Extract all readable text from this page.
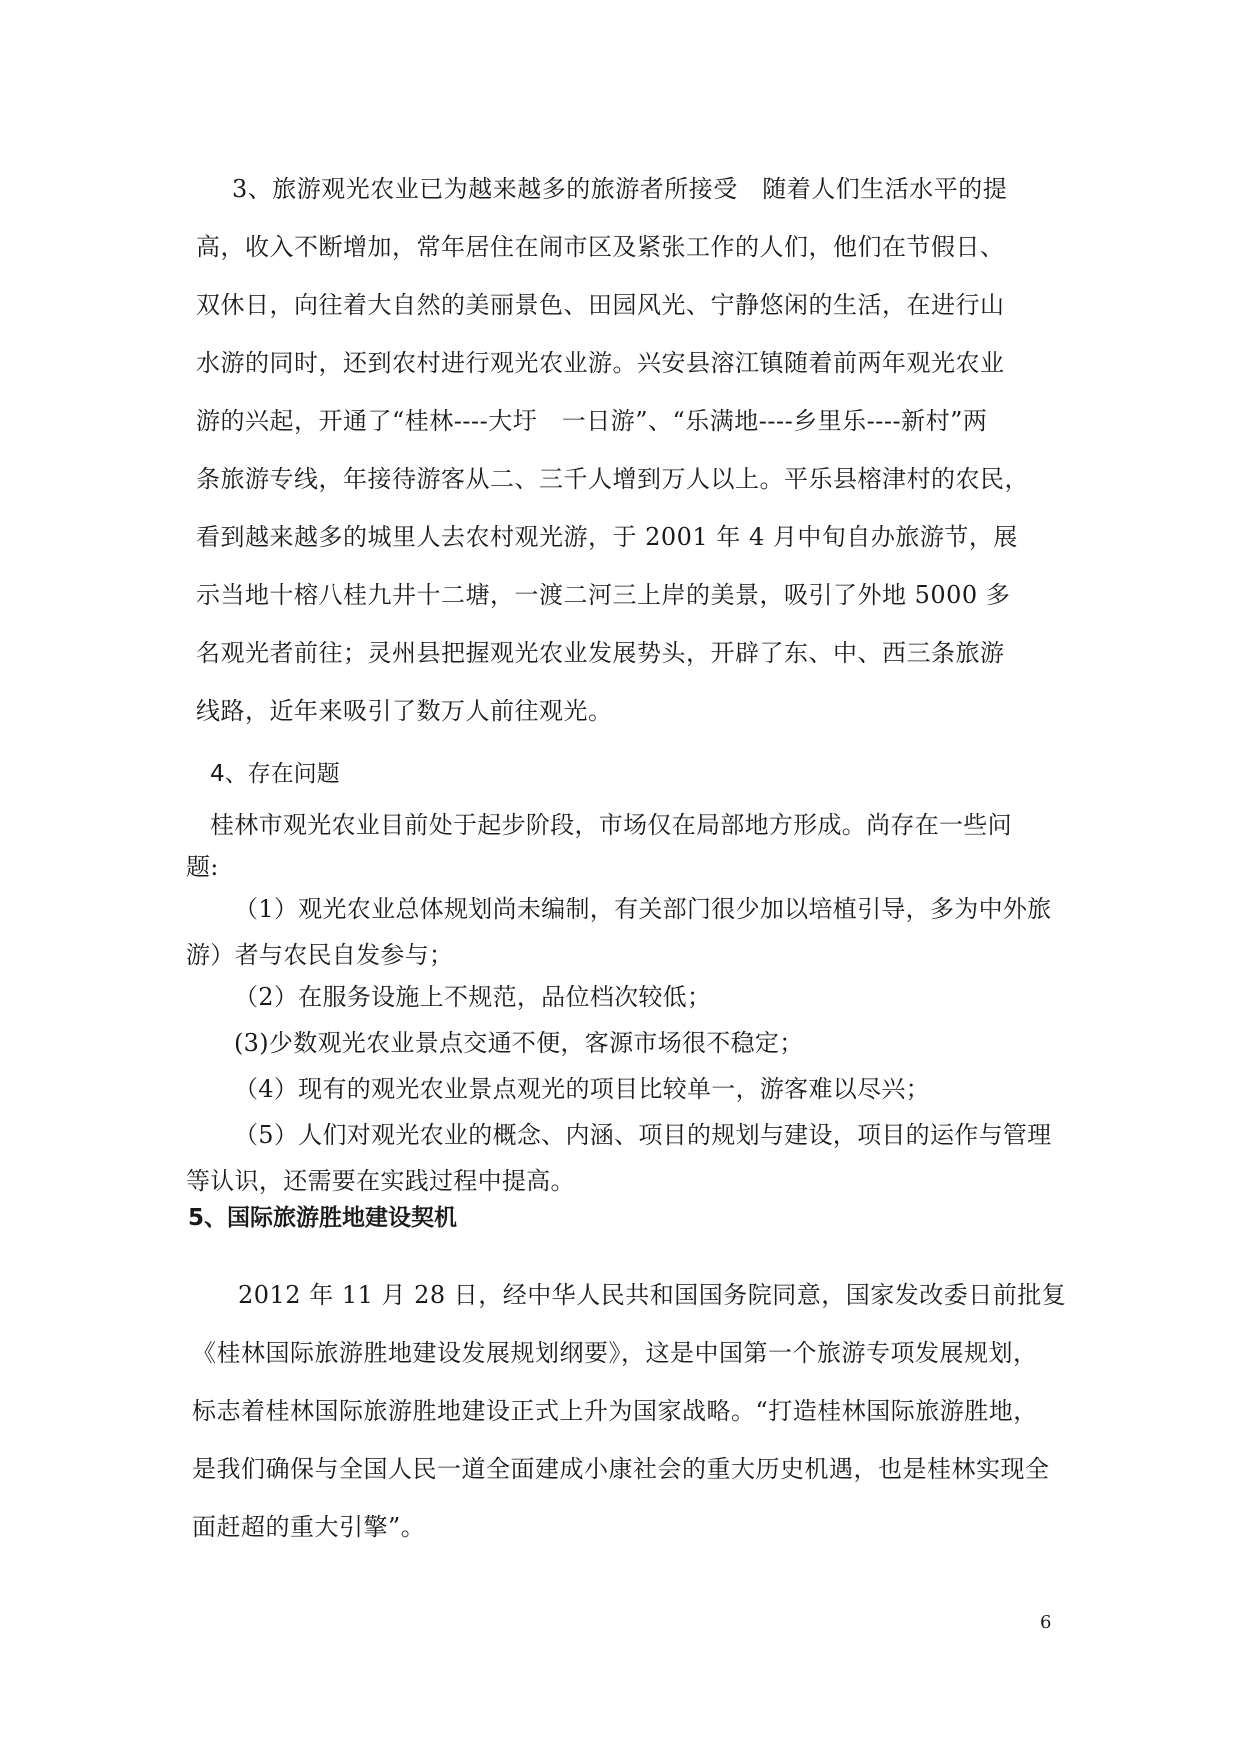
3、旅游观光农业已为越来越多的旅游者所接受　随着人们生活水平的提
高，收入不断增加，常年居住在闹市区及紧张工作的人们，他们在节假日、
双休日，向往着大自然的美丽景色、田园风光、宁静悠闲的生活，在进行山
水游的同时，还到农村进行观光农业游。兴安县溶江镇随着前两年观光农业
游的兴起，开通了“桂林----大圩　一日游”、“乐满地----乡里乐----新村”两
条旅游专线，年接待游客从二、三千人增到万人以上。平乐县榕津村的农民，
看到越来越多的城里人去农村观光游，于 2001 年 4 月中旬自办旅游节，展
示当地十榕八桂九井十二塘，一渡二河三上岸的美景，吸引了外地 5000 多
名观光者前往；灵州县把握观光农业发展势头，开辟了东、中、西三条旅游
线路，近年来吸引了数万人前往观光。
4、存在问题
桂林市观光农业目前处于起步阶段，市场仅在局部地方形成。尚存在一些问
题:
（1）观光农业总体规划尚未编制，有关部门很少加以培植引导，多为中外旅
游）者与农民自发参与；
（2）在服务设施上不规范，品位档次较低；
(3)少数观光农业景点交通不便，客源市场很不稳定；
（4）现有的观光农业景点观光的项目比较单一，游客难以尽兴；
（5）人们对观光农业的概念、内涵、项目的规划与建设，项目的运作与管理
等认识，还需要在实践过程中提高。
5、国际旅游胜地建设契机
2012 年 11 月 28 日，经中华人民共和国国务院同意，国家发改委日前批复
《桂林国际旅游胜地建设发展规划纲要》，这是中国第一个旅游专项发展规划，
标志着桂林国际旅游胜地建设正式上升为国家战略。“打造桂林国际旅游胜地，
是我们确保与全国人民一道全面建成小康社会的重大历史机遇，也是桂林实现全
面赶超的重大引擎”。
6
